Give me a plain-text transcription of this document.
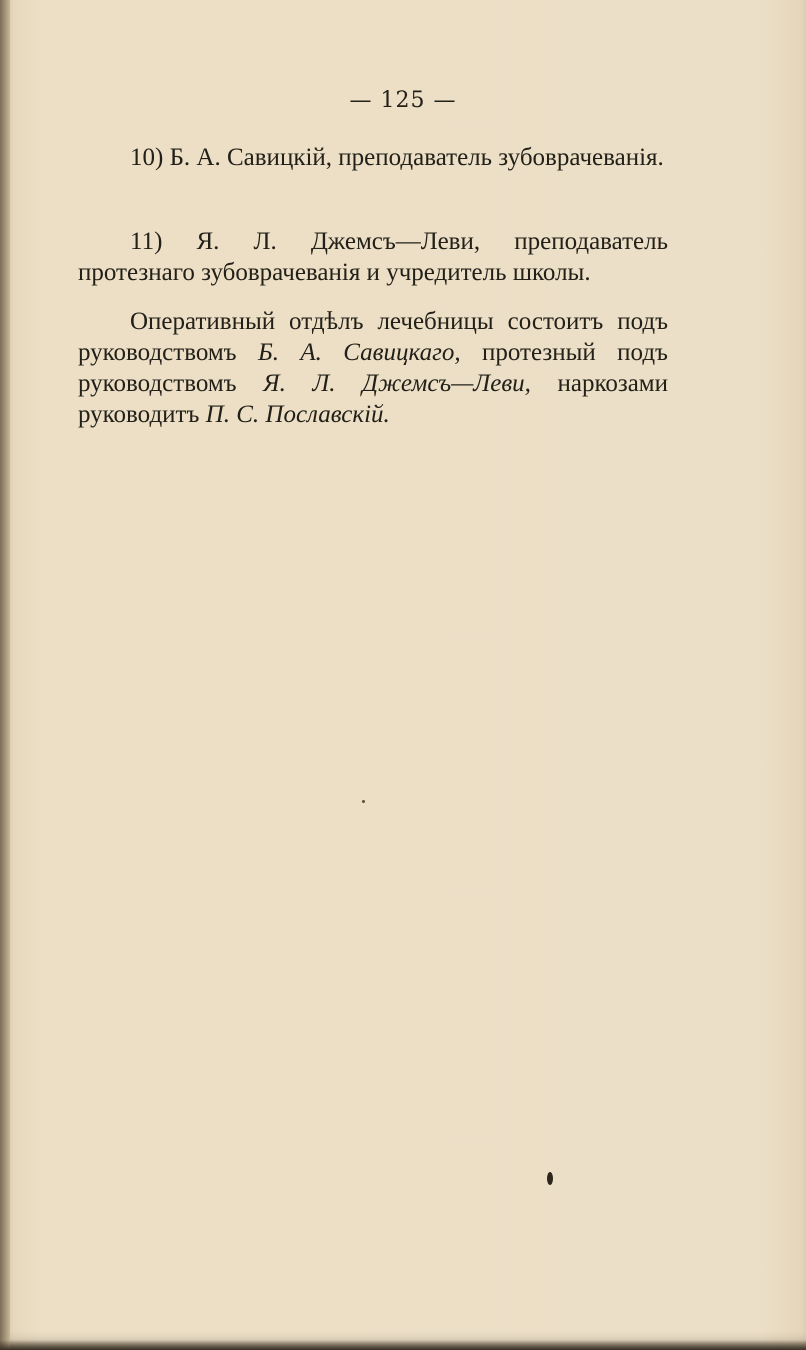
— 125 —

10) Б. А. Савицкій, преподаватель зубоврачеванія.

11) Я. Л. Джемсъ—Леви, преподаватель протезнаго зубоврачеванія и учредитель школы.

Оперативный отдѣлъ лечебницы состоитъ подъ руководствомъ Б. А. Савицкаго, протезный подъ руководствомъ Я. Л. Джемсъ—Леви, наркозами руководитъ П. С. Пославскій.
